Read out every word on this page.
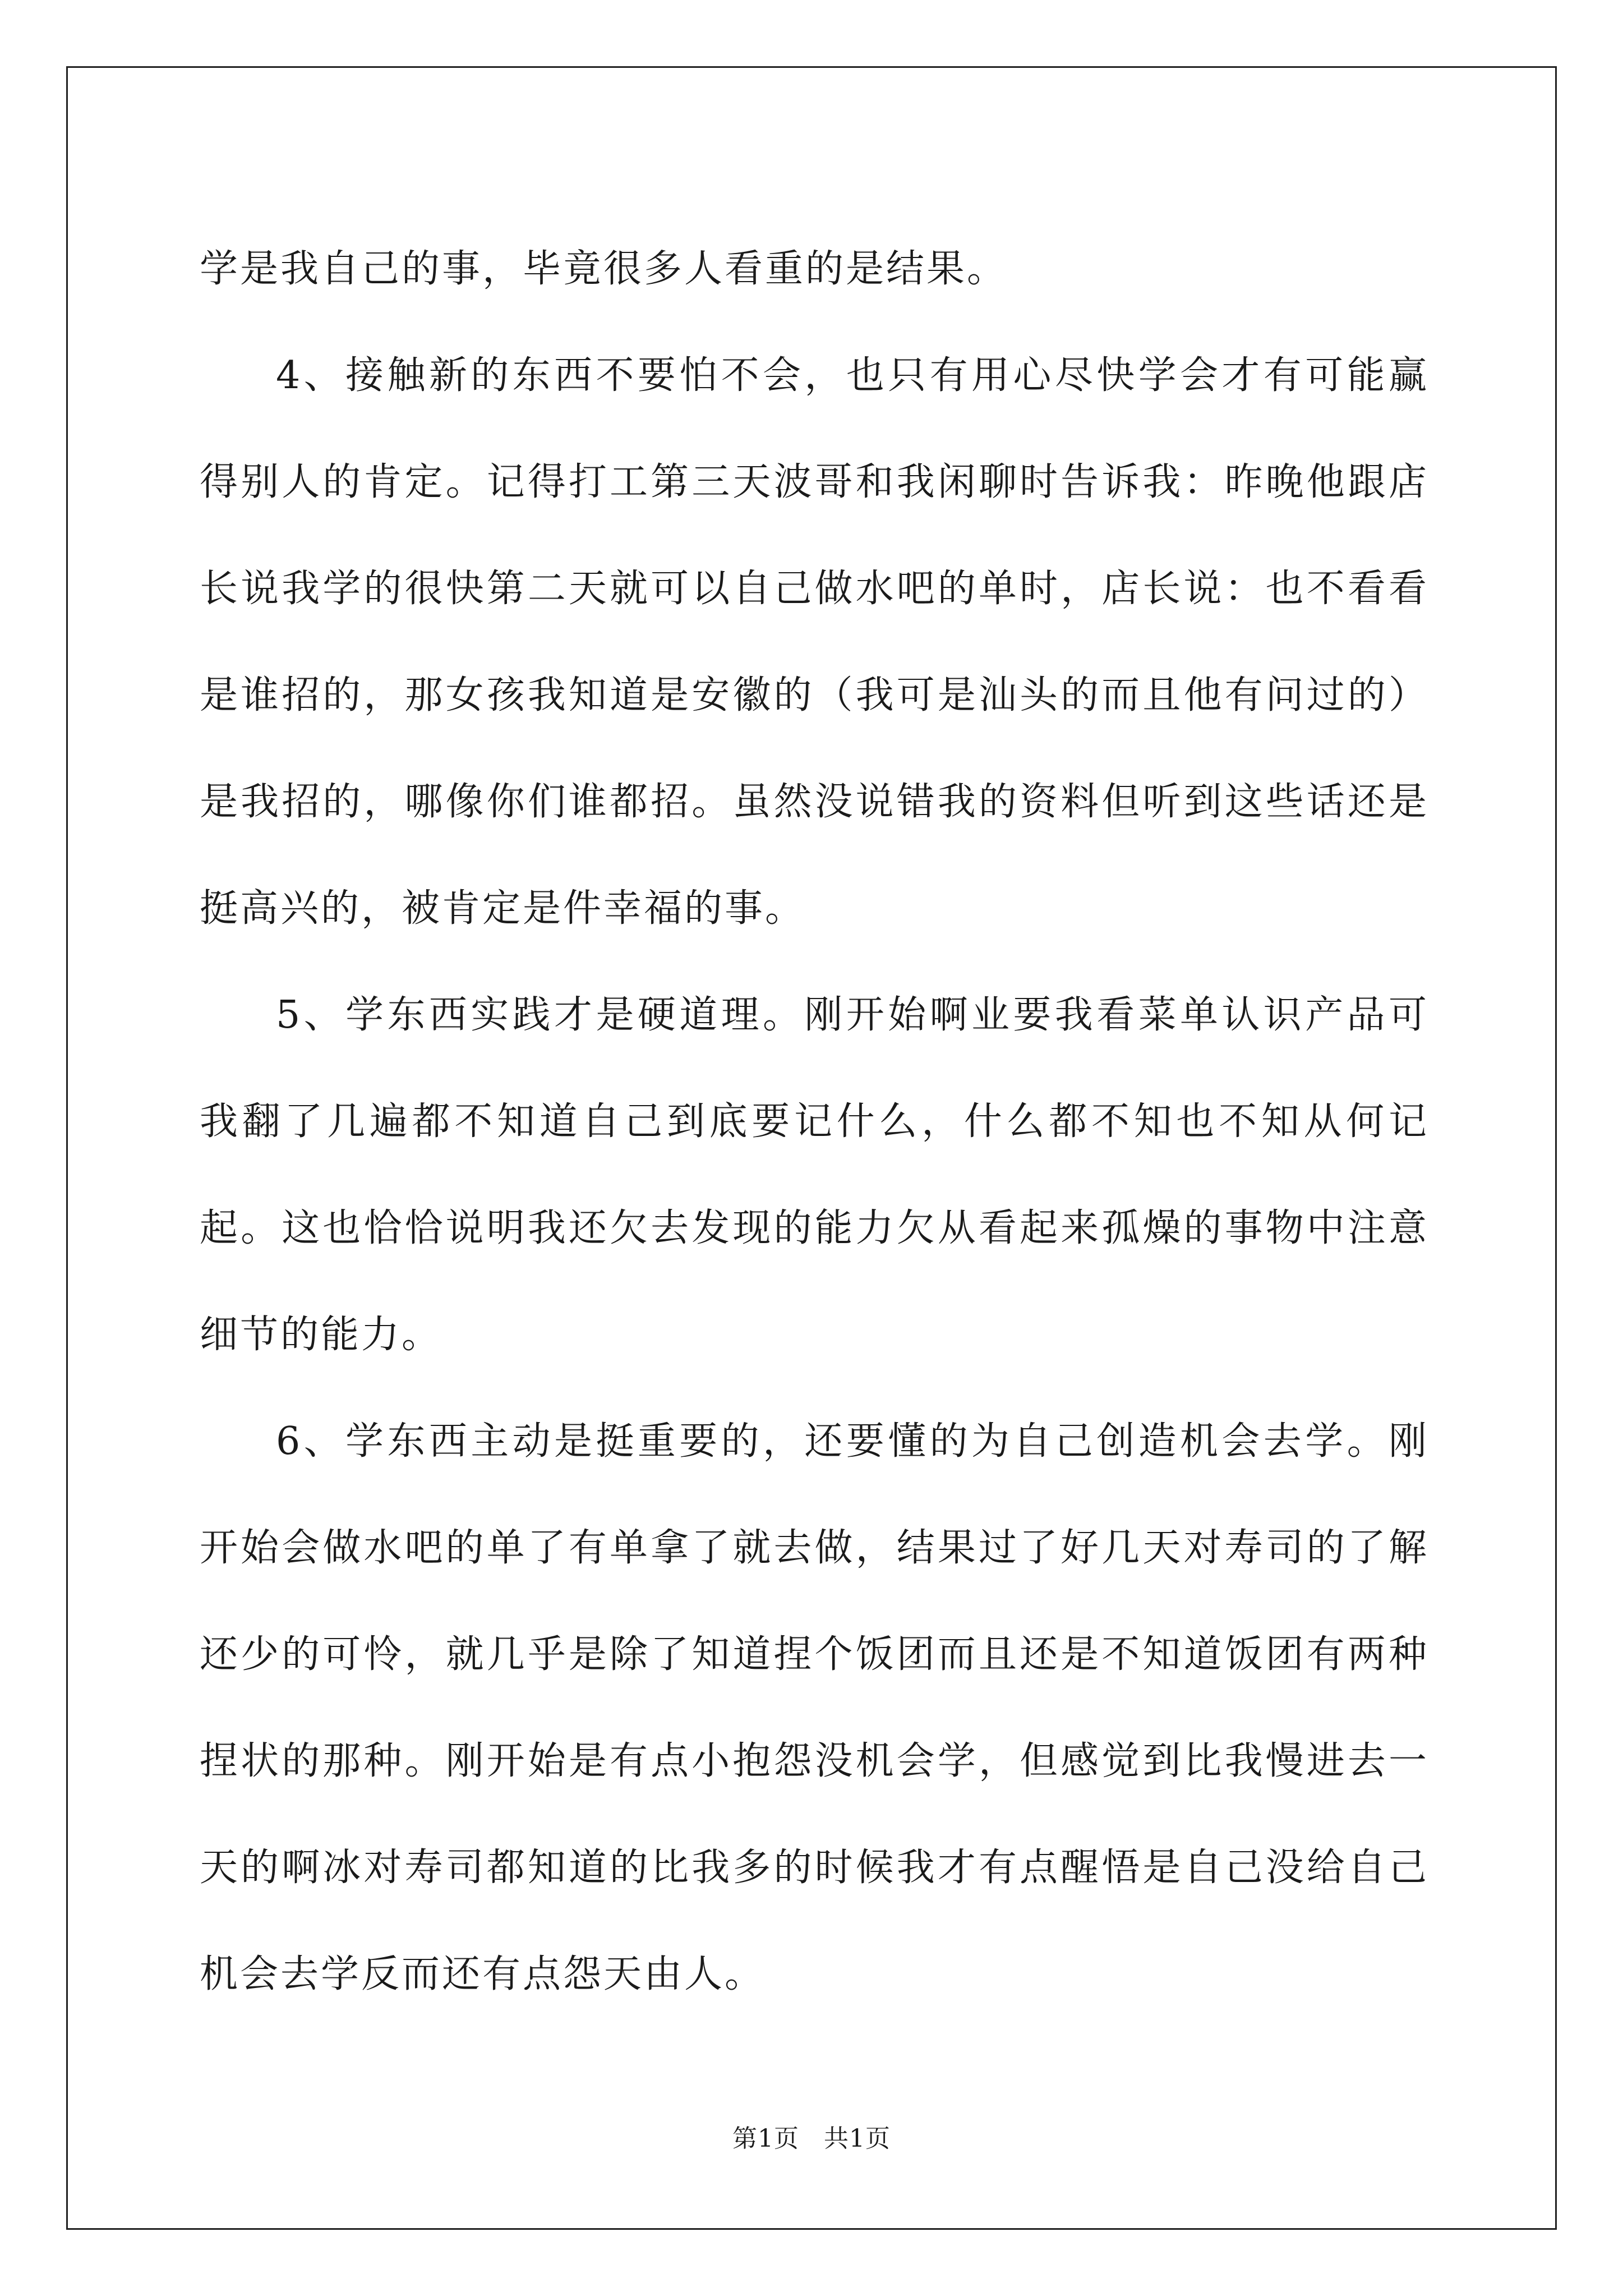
学是我自己的事，毕竟很多人看重的是结果。

4、接触新的东西不要怕不会，也只有用心尽快学会才有可能赢得别人的肯定。记得打工第三天波哥和我闲聊时告诉我：昨晚他跟店长说我学的很快第二天就可以自己做水吧的单时，店长说：也不看看是谁招的，那女孩我知道是安徽的（我可是汕头的而且他有问过的）是我招的，哪像你们谁都招。虽然没说错我的资料但听到这些话还是挺高兴的，被肯定是件幸福的事。

5、学东西实践才是硬道理。刚开始啊业要我看菜单认识产品可我翻了几遍都不知道自己到底要记什么，什么都不知也不知从何记起。这也恰恰说明我还欠去发现的能力欠从看起来孤燥的事物中注意细节的能力。

6、学东西主动是挺重要的，还要懂的为自己创造机会去学。刚开始会做水吧的单了有单拿了就去做，结果过了好几天对寿司的了解还少的可怜，就几乎是除了知道捏个饭团而且还是不知道饭团有两种捏状的那种。刚开始是有点小抱怨没机会学，但感觉到比我慢进去一天的啊冰对寿司都知道的比我多的时候我才有点醒悟是自己没给自己机会去学反而还有点怨天由人。

第1页 共1页
